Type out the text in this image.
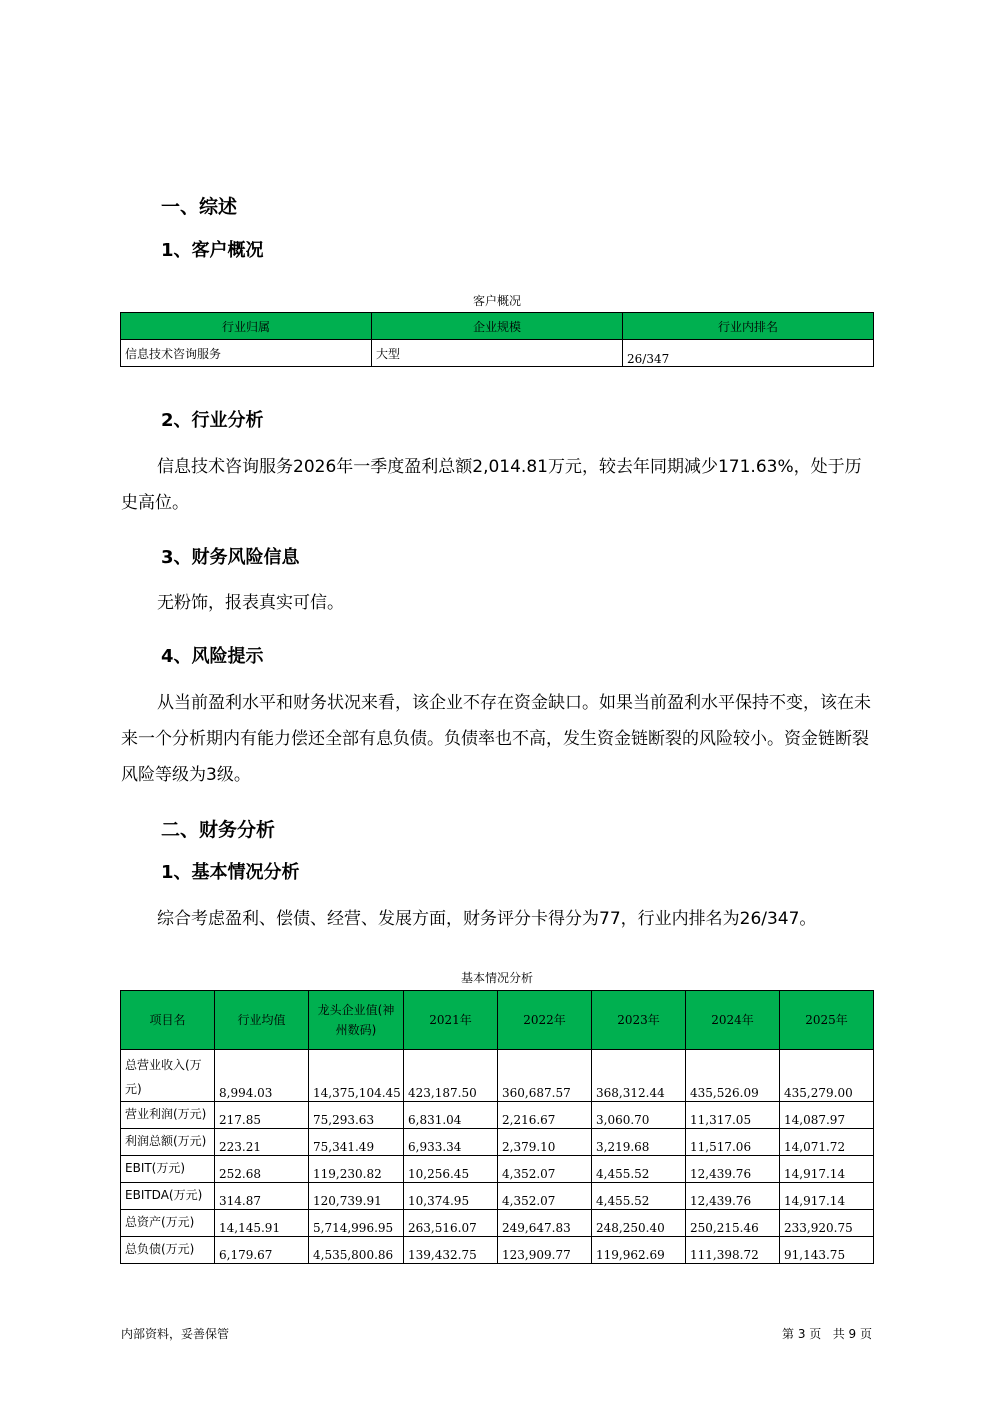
一、综述
1、客户概况
客户概况
行业归属	企业规模	行业内排名
信息技术咨询服务	大型	26/347
2、行业分析
信息技术咨询服务2026年一季度盈利总额2,014.81万元，较去年同期减少171.63%，处于历史高位。
3、财务风险信息
无粉饰，报表真实可信。
4、风险提示
从当前盈利水平和财务状况来看，该企业不存在资金缺口。如果当前盈利水平保持不变，该在未来一个分析期内有能力偿还全部有息负债。负债率也不高，发生资金链断裂的风险较小。资金链断裂风险等级为3级。
二、财务分析
1、基本情况分析
综合考虑盈利、偿债、经营、发展方面，财务评分卡得分为77，行业内排名为26/347。
基本情况分析
项目名	行业均值	龙头企业值(神州数码)	2021年	2022年	2023年	2024年	2025年
总营业收入(万元)	8,994.03	14,375,104.45	423,187.50	360,687.57	368,312.44	435,526.09	435,279.00
营业利润(万元)	217.85	75,293.63	6,831.04	2,216.67	3,060.70	11,317.05	14,087.97
利润总额(万元)	223.21	75,341.49	6,933.34	2,379.10	3,219.68	11,517.06	14,071.72
EBIT(万元)	252.68	119,230.82	10,256.45	4,352.07	4,455.52	12,439.76	14,917.14
EBITDA(万元)	314.87	120,739.91	10,374.95	4,352.07	4,455.52	12,439.76	14,917.14
总资产(万元)	14,145.91	5,714,996.95	263,516.07	249,647.83	248,250.40	250,215.46	233,920.75
总负债(万元)	6,179.67	4,535,800.86	139,432.75	123,909.77	119,962.69	111,398.72	91,143.75
内部资料，妥善保管	第 3 页   共 9 页
